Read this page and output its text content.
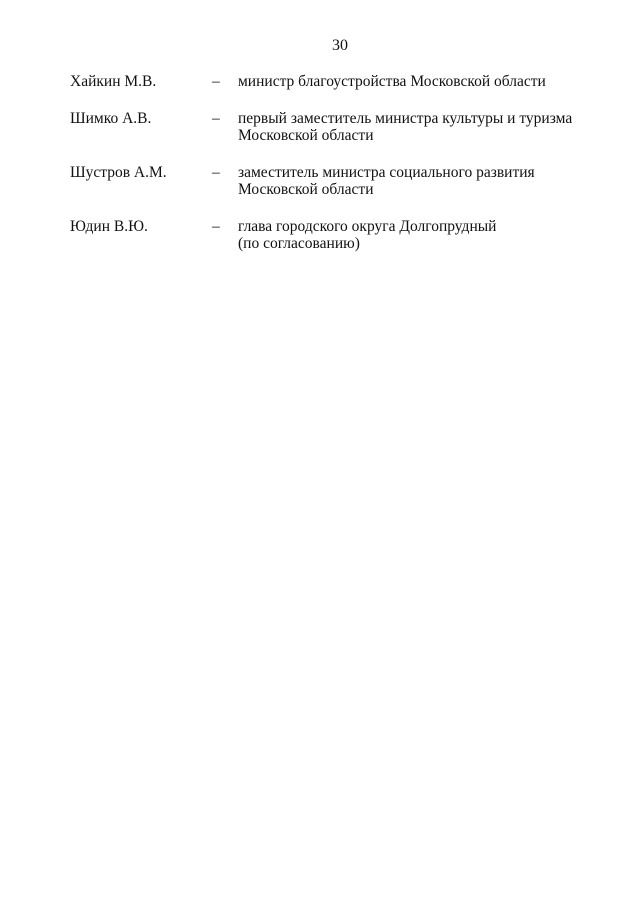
30
Хайкин М.В.	– министр благоустройства Московской области
Шимко А.В.	– первый заместитель министра культуры и туризма
Московской области
Шустров А.М.	– заместитель министра социального развития
Московской области
Юдин В.Ю.	– глава городского округа Долгопрудный
(по согласованию)
